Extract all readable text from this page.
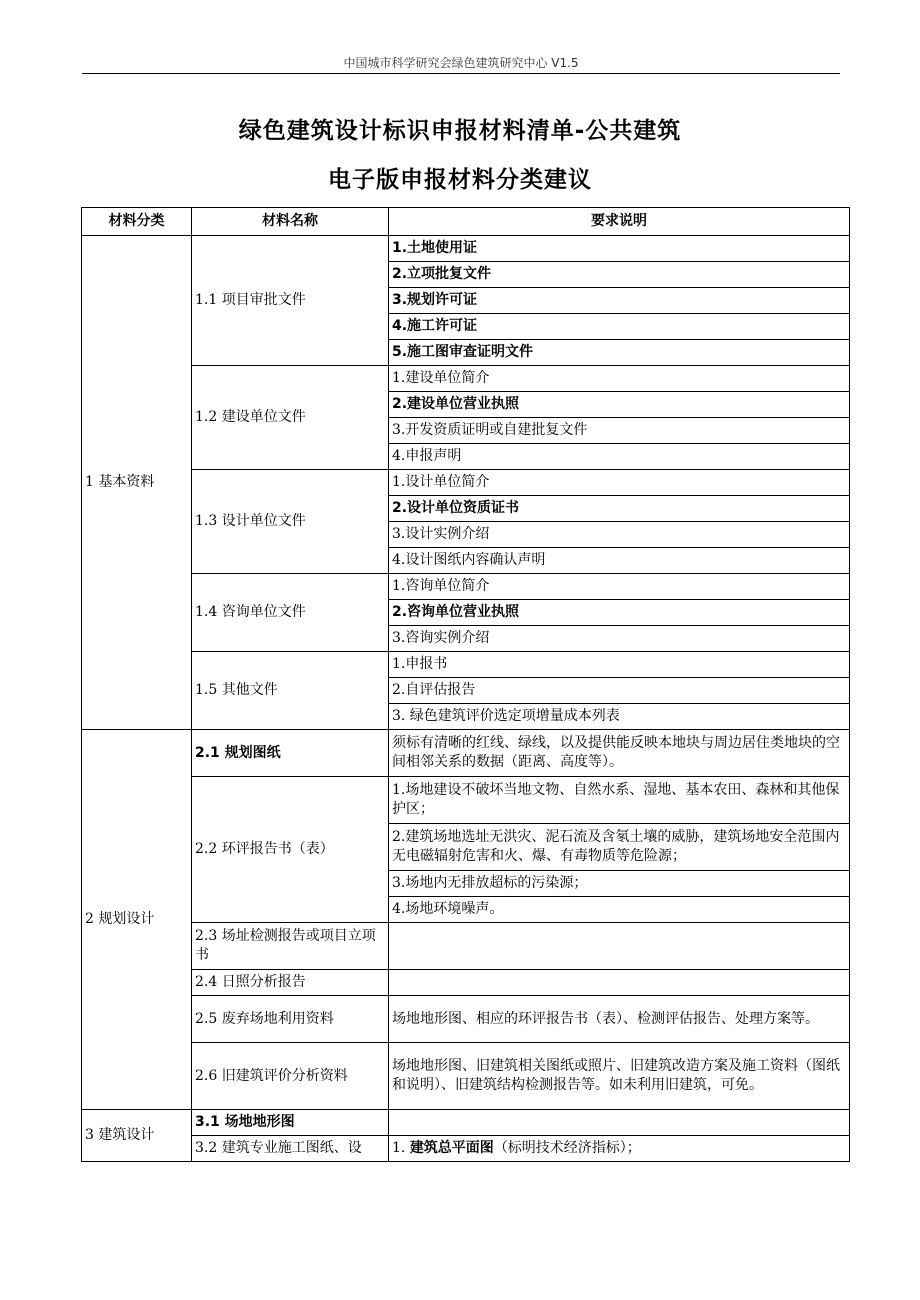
中国城市科学研究会绿色建筑研究中心 V1.5
绿色建筑设计标识申报材料清单-公共建筑
电子版申报材料分类建议
材料分类	材料名称	要求说明
1 基本资料	1.1 项目审批文件	1.土地使用证
		2.立项批复文件
		3.规划许可证
		4.施工许可证
		5.施工图审查证明文件
	1.2 建设单位文件	1.建设单位简介
		2.建设单位营业执照
		3.开发资质证明或自建批复文件
		4.申报声明
	1.3 设计单位文件	1.设计单位简介
		2.设计单位资质证书
		3.设计实例介绍
		4.设计图纸内容确认声明
	1.4 咨询单位文件	1.咨询单位简介
		2.咨询单位营业执照
		3.咨询实例介绍
	1.5 其他文件	1.申报书
		2.自评估报告
		3. 绿色建筑评价选定项增量成本列表
2 规划设计	2.1 规划图纸	须标有清晰的红线、绿线，以及提供能反映本地块与周边居住类地块的空间相邻关系的数据（距离、高度等）。
	2.2 环评报告书（表）	1.场地建设不破坏当地文物、自然水系、湿地、基本农田、森林和其他保护区；
		2.建筑场地选址无洪灾、泥石流及含氡土壤的威胁，建筑场地安全范围内无电磁辐射危害和火、爆、有毒物质等危险源；
		3.场地内无排放超标的污染源；
		4.场地环境噪声。
	2.3 场址检测报告或项目立项书	
	2.4 日照分析报告	
	2.5 废弃场地利用资料	场地地形图、相应的环评报告书（表）、检测评估报告、处理方案等。
	2.6 旧建筑评价分析资料	场地地形图、旧建筑相关图纸或照片、旧建筑改造方案及施工资料（图纸和说明）、旧建筑结构检测报告等。如未利用旧建筑，可免。
3 建筑设计	3.1 场地地形图	
	3.2 建筑专业施工图纸、设	1. 建筑总平面图（标明技术经济指标）；
